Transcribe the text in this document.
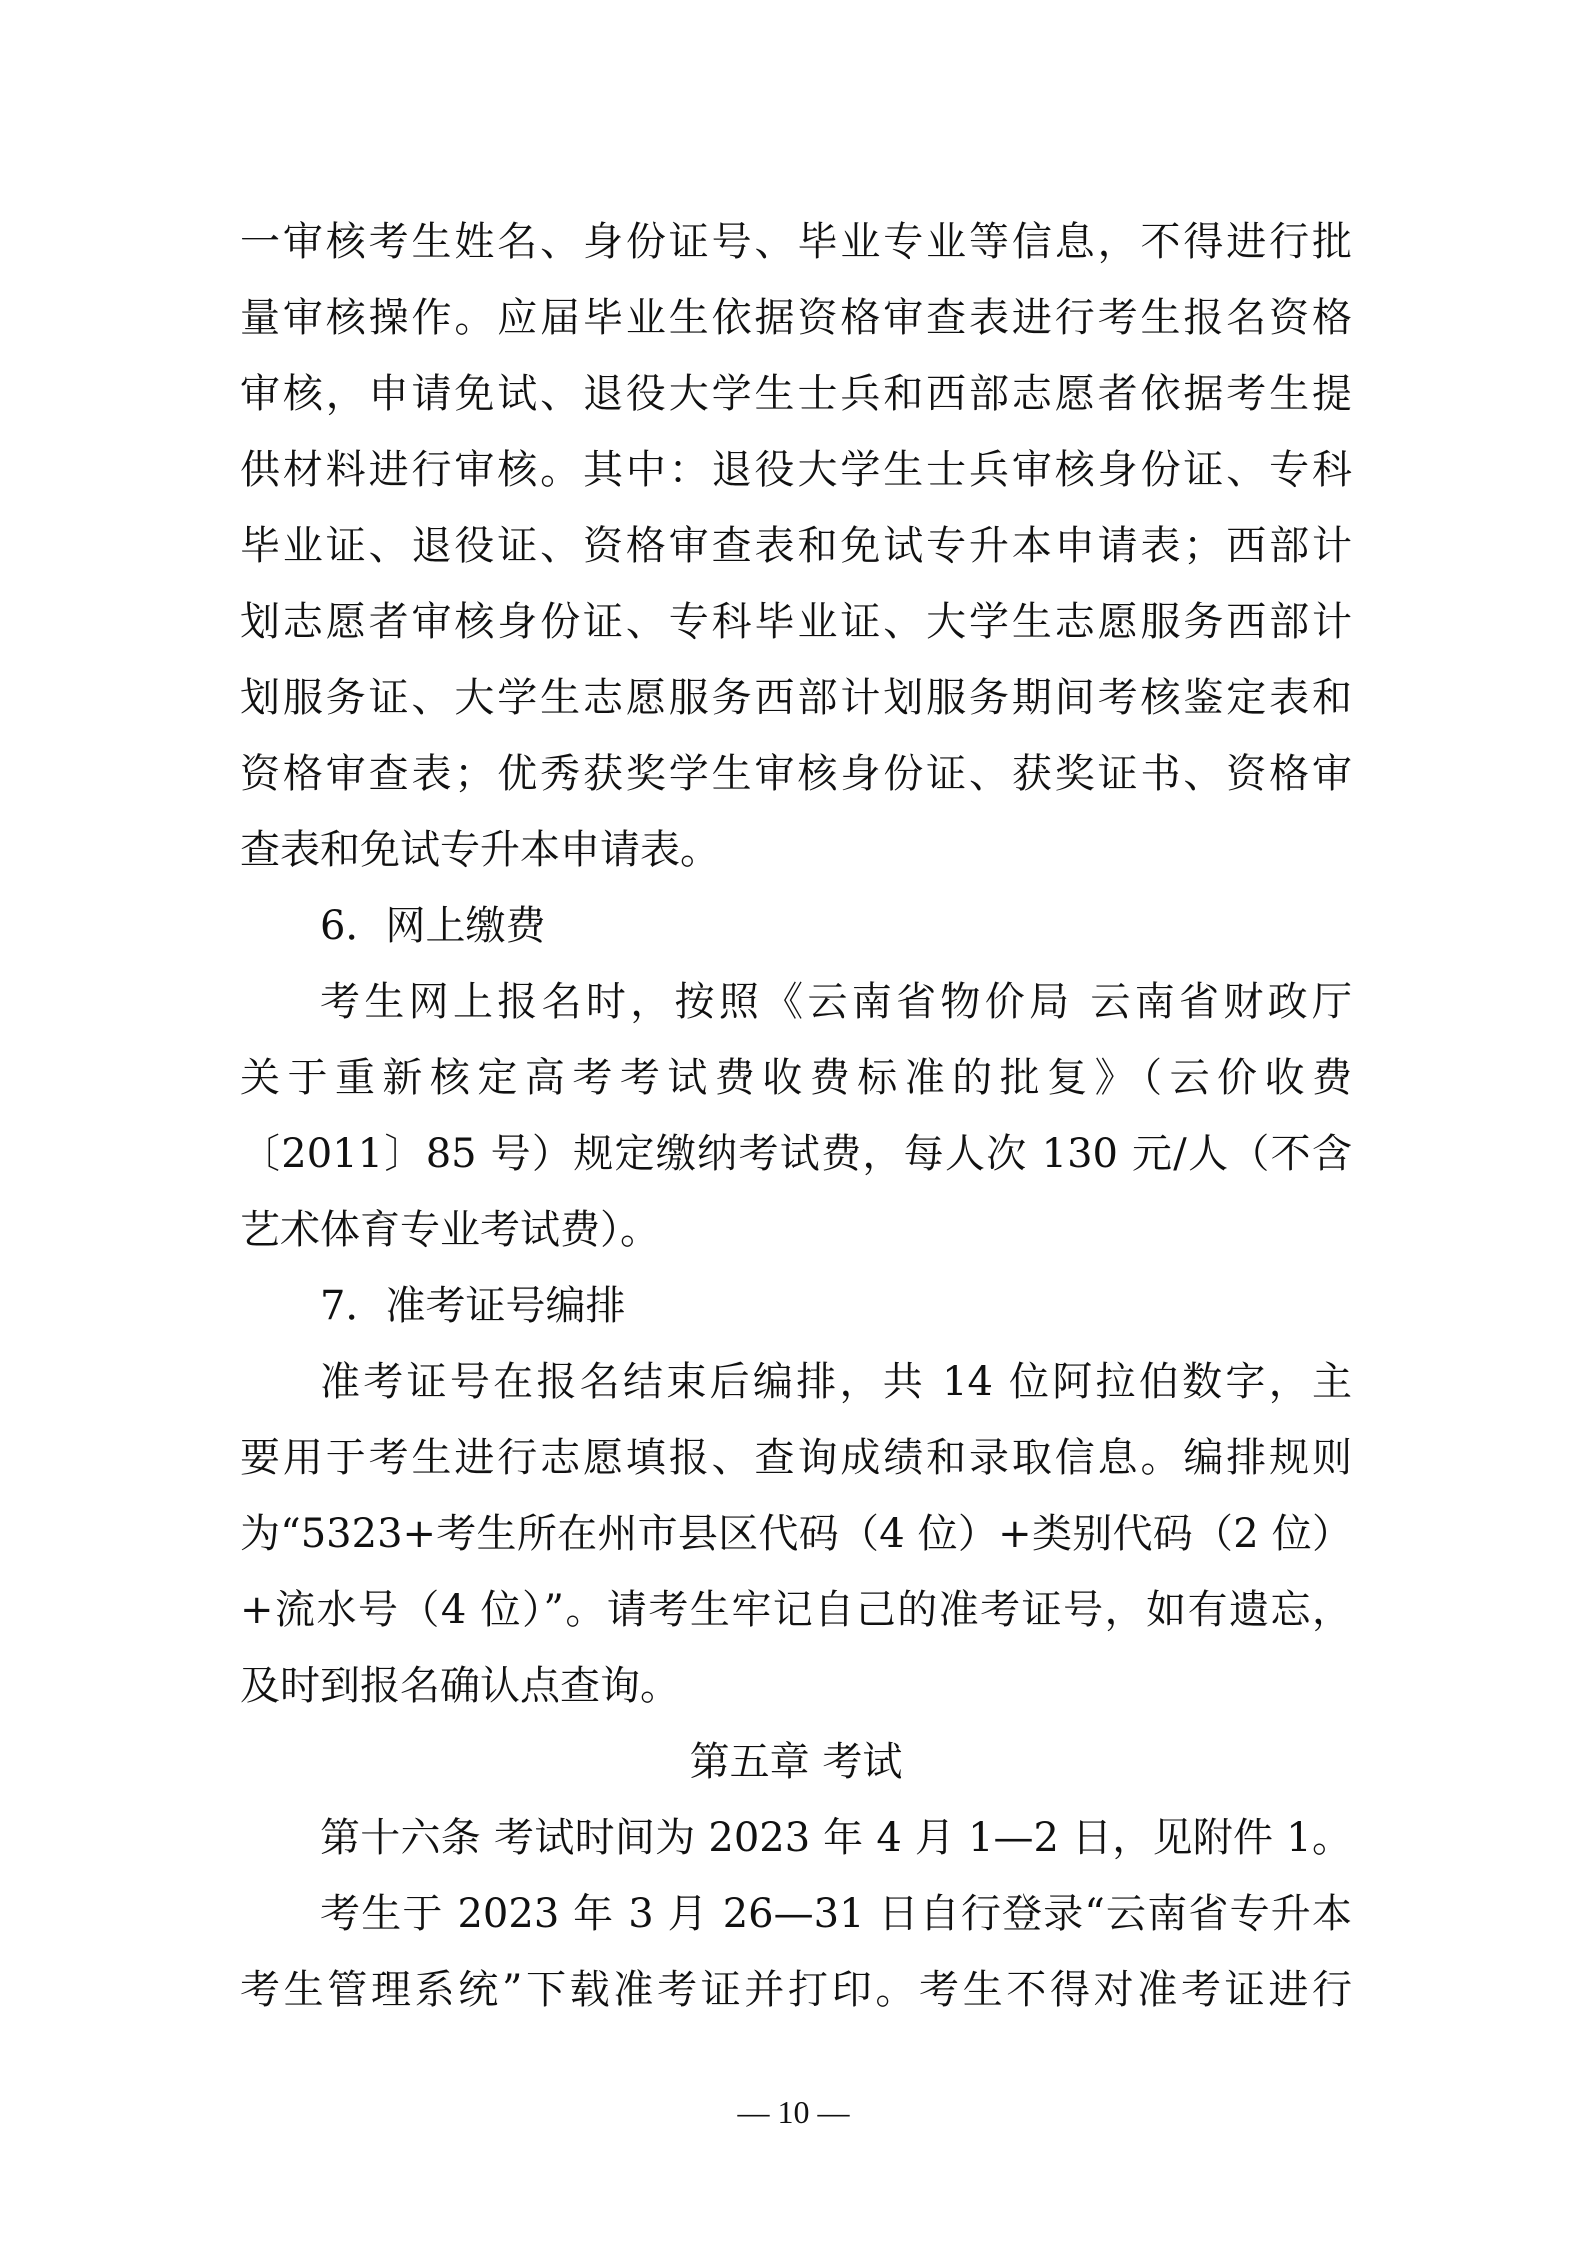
一审核考生姓名、身份证号、毕业专业等信息，不得进行批
量审核操作。应届毕业生依据资格审查表进行考生报名资格
审核，申请免试、退役大学生士兵和西部志愿者依据考生提
供材料进行审核。其中：退役大学生士兵审核身份证、专科
毕业证、退役证、资格审查表和免试专升本申请表；西部计
划志愿者审核身份证、专科毕业证、大学生志愿服务西部计
划服务证、大学生志愿服务西部计划服务期间考核鉴定表和
资格审查表；优秀获奖学生审核身份证、获奖证书、资格审
查表和免试专升本申请表。
6．网上缴费
考生网上报名时，按照《云南省物价局 云南省财政厅
关于重新核定高考考试费收费标准的批复》（云价收费
〔2011〕85 号）规定缴纳考试费，每人次 130 元/人（不含
艺术体育专业考试费）。
7．准考证号编排
准考证号在报名结束后编排，共 14 位阿拉伯数字，主
要用于考生进行志愿填报、查询成绩和录取信息。编排规则
为“5323+考生所在州市县区代码（4 位）+类别代码（2 位）
+流水号（4 位）”。请考生牢记自己的准考证号，如有遗忘，
及时到报名确认点查询。
第五章 考试
第十六条 考试时间为 2023 年 4 月 1—2 日，见附件 1。
考生于 2023 年 3 月 26—31 日自行登录“云南省专升本
考生管理系统”下载准考证并打印。考生不得对准考证进行
— 10 —
